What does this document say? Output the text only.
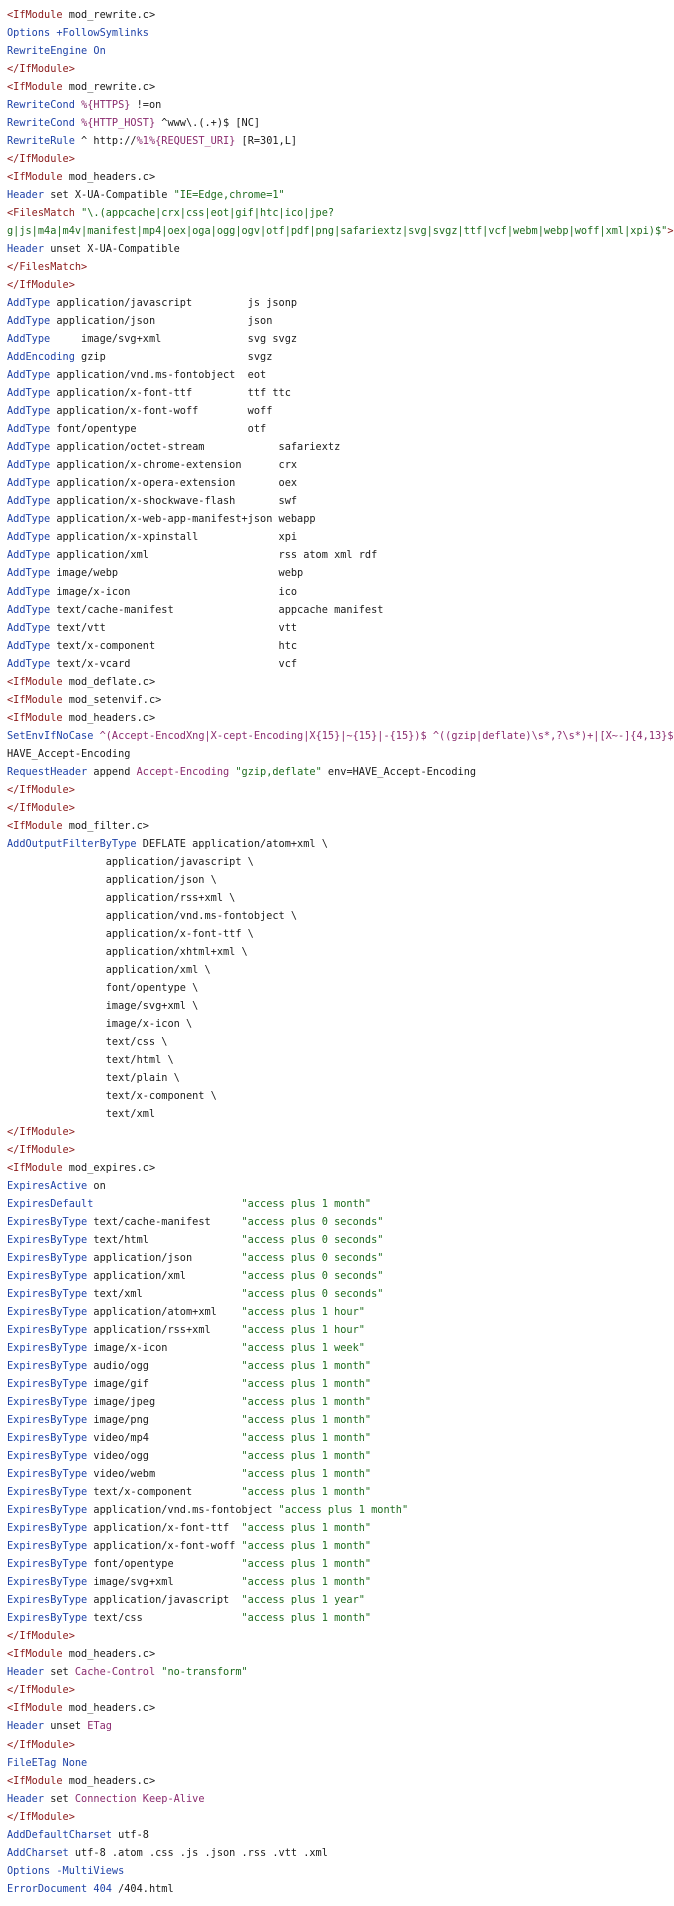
<IfModule mod_rewrite.c>
Options +FollowSymlinks
RewriteEngine On
</IfModule>
<IfModule mod_rewrite.c>
RewriteCond %{HTTPS} !=on
RewriteCond %{HTTP_HOST} ^www\.(.+)$ [NC]
RewriteRule ^ http://%1%{REQUEST_URI} [R=301,L]
</IfModule>
<IfModule mod_headers.c>
Header set X-UA-Compatible "IE=Edge,chrome=1"
<FilesMatch "\.(appcache|crx|css|eot|gif|htc|ico|jpe?
g|js|m4a|m4v|manifest|mp4|oex|oga|ogg|ogv|otf|pdf|png|safariextz|svg|svgz|ttf|vcf|webm|webp|woff|xml|xpi)$">
Header unset X-UA-Compatible
</FilesMatch>
</IfModule>
AddType application/javascript         js jsonp
AddType application/json               json
AddType     image/svg+xml              svg svgz
AddEncoding gzip                       svgz
AddType application/vnd.ms-fontobject  eot
AddType application/x-font-ttf         ttf ttc
AddType application/x-font-woff        woff
AddType font/opentype                  otf
AddType application/octet-stream            safariextz
AddType application/x-chrome-extension      crx
AddType application/x-opera-extension       oex
AddType application/x-shockwave-flash       swf
AddType application/x-web-app-manifest+json webapp
AddType application/x-xpinstall             xpi
AddType application/xml                     rss atom xml rdf
AddType image/webp                          webp
AddType image/x-icon                        ico
AddType text/cache-manifest                 appcache manifest
AddType text/vtt                            vtt
AddType text/x-component                    htc
AddType text/x-vcard                        vcf
<IfModule mod_deflate.c>
<IfModule mod_setenvif.c>
<IfModule mod_headers.c>
SetEnvIfNoCase ^(Accept-EncodXng|X-cept-Encoding|X{15}|~{15}|-{15})$ ^((gzip|deflate)\s*,?\s*)+|[X~-]{4,13}$
HAVE_Accept-Encoding
RequestHeader append Accept-Encoding "gzip,deflate" env=HAVE_Accept-Encoding
</IfModule>
</IfModule>
<IfModule mod_filter.c>
AddOutputFilterByType DEFLATE application/atom+xml \
application/javascript \
application/json \
application/rss+xml \
application/vnd.ms-fontobject \
application/x-font-ttf \
application/xhtml+xml \
application/xml \
font/opentype \
image/svg+xml \
image/x-icon \
text/css \
text/html \
text/plain \
text/x-component \
text/xml
</IfModule>
</IfModule>
<IfModule mod_expires.c>
ExpiresActive on
ExpiresDefault	"access plus 1 month"
ExpiresByType text/cache-manifest     "access plus 0 seconds"
ExpiresByType text/html               "access plus 0 seconds"
ExpiresByType application/json        "access plus 0 seconds"
ExpiresByType application/xml         "access plus 0 seconds"
ExpiresByType text/xml                "access plus 0 seconds"
ExpiresByType application/atom+xml    "access plus 1 hour"
ExpiresByType application/rss+xml     "access plus 1 hour"
ExpiresByType image/x-icon            "access plus 1 week"
ExpiresByType audio/ogg               "access plus 1 month"
ExpiresByType image/gif               "access plus 1 month"
ExpiresByType image/jpeg              "access plus 1 month"
ExpiresByType image/png               "access plus 1 month"
ExpiresByType video/mp4               "access plus 1 month"
ExpiresByType video/ogg               "access plus 1 month"
ExpiresByType video/webm              "access plus 1 month"
ExpiresByType text/x-component        "access plus 1 month"
ExpiresByType application/vnd.ms-fontobject "access plus 1 month"
ExpiresByType application/x-font-ttf  "access plus 1 month"
ExpiresByType application/x-font-woff "access plus 1 month"
ExpiresByType font/opentype           "access plus 1 month"
ExpiresByType image/svg+xml           "access plus 1 month"
ExpiresByType application/javascript  "access plus 1 year"
ExpiresByType text/css                "access plus 1 month"
</IfModule>
<IfModule mod_headers.c>
Header set Cache-Control "no-transform"
</IfModule>
<IfModule mod_headers.c>
Header unset ETag
</IfModule>
FileETag None
<IfModule mod_headers.c>
Header set Connection Keep-Alive
</IfModule>
AddDefaultCharset utf-8
AddCharset utf-8 .atom .css .js .json .rss .vtt .xml
Options -MultiViews
ErrorDocument 404 /404.html
